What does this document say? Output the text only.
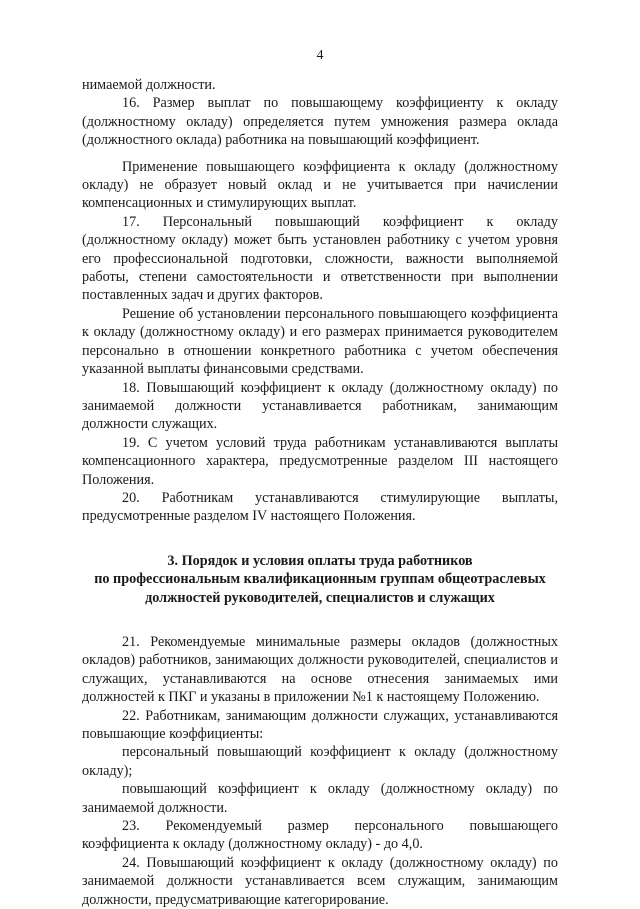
4

нимаемой должности.

16. Размер выплат по повышающему коэффициенту к окладу (должностному окладу) определяется путем умножения размера оклада (должностного оклада) работника на повышающий коэффициент.

Применение повышающего коэффициента к окладу (должностному окладу) не образует новый оклад и не учитывается при начислении компенсационных и стимулирующих выплат.

17. Персональный повышающий коэффициент к окладу (должностному окладу) может быть установлен работнику с учетом уровня его профессиональной подготовки, сложности, важности выполняемой работы, степени самостоятельности и ответственности при выполнении поставленных задач и других факторов.

Решение об установлении персонального повышающего коэффициента к окладу (должностному окладу) и его размерах принимается руководителем персонально в отношении конкретного работника с учетом обеспечения указанной выплаты финансовыми средствами.

18. Повышающий коэффициент к окладу (должностному окладу) по занимаемой должности устанавливается работникам, занимающим должности служащих.

19. С учетом условий труда работникам устанавливаются выплаты компенсационного характера, предусмотренные разделом III настоящего Положения.

20. Работникам устанавливаются стимулирующие выплаты, предусмотренные разделом IV настоящего Положения.

3. Порядок и условия оплаты труда работников
по профессиональным квалификационным группам общеотраслевых должностей руководителей, специалистов и служащих

21. Рекомендуемые минимальные размеры окладов (должностных окладов) работников, занимающих должности руководителей, специалистов и служащих, устанавливаются на основе отнесения занимаемых ими должностей к ПКГ и указаны в приложении №1 к настоящему Положению.

22. Работникам, занимающим должности служащих, устанавливаются повышающие коэффициенты:

персональный повышающий коэффициент к окладу (должностному окладу);

повышающий коэффициент к окладу (должностному окладу) по занимаемой должности.

23. Рекомендуемый размер персонального повышающего коэффициента к окладу (должностному окладу) - до 4,0.

24. Повышающий коэффициент к окладу (должностному окладу) по занимаемой должности устанавливается всем служащим, занимающим должности, предусматривающие категорирование.
